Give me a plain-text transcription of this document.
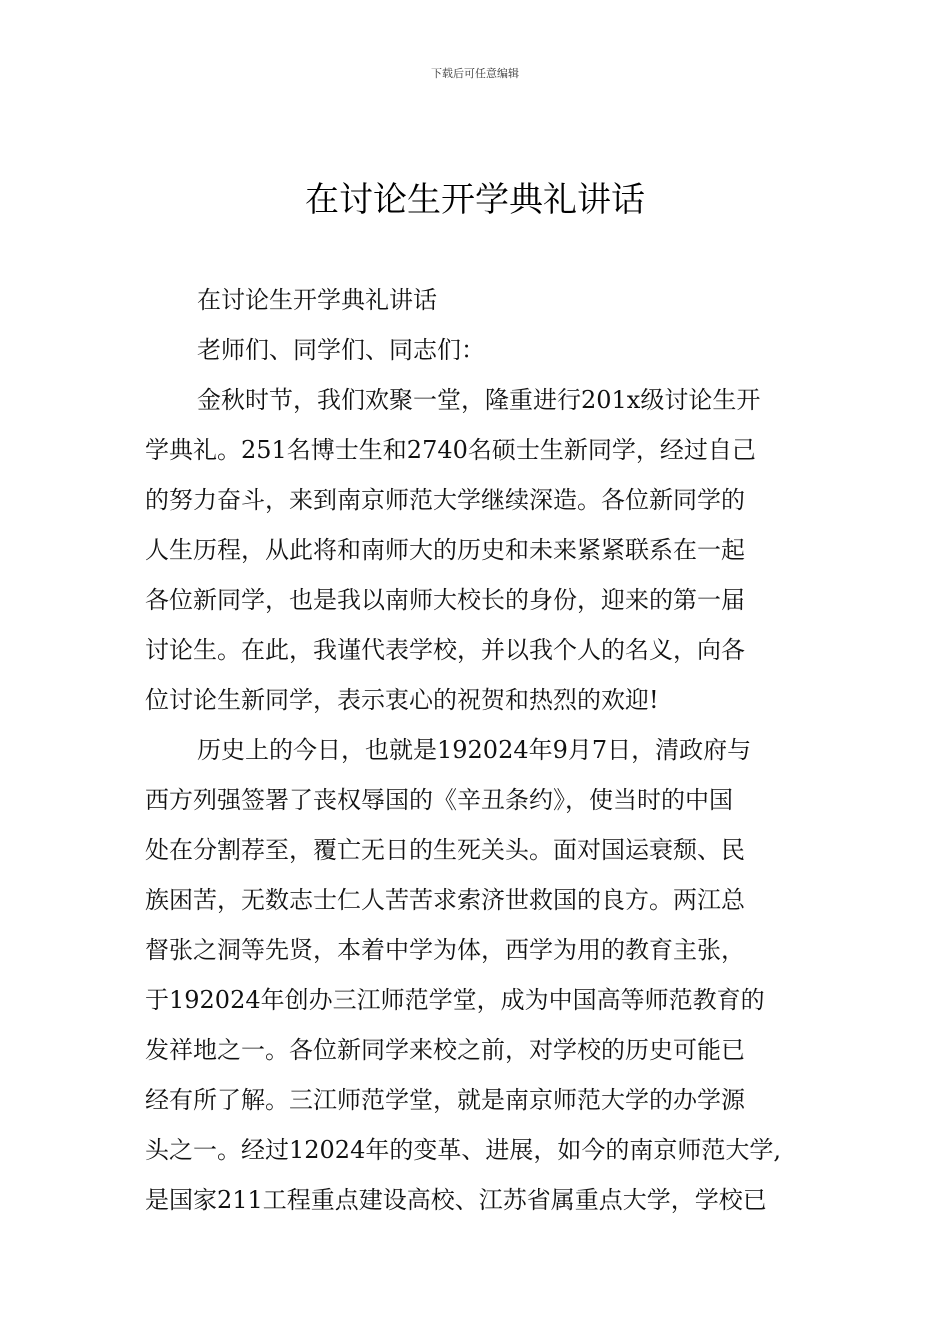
下载后可任意编辑
在讨论生开学典礼讲话
在讨论生开学典礼讲话
老师们、同学们、同志们：
金秋时节，我们欢聚一堂，隆重进行201x级讨论生开
学典礼。251名博士生和2740名硕士生新同学，经过自己
的努力奋斗，来到南京师范大学继续深造。各位新同学的
人生历程，从此将和南师大的历史和未来紧紧联系在一起
各位新同学，也是我以南师大校长的身份，迎来的第一届
讨论生。在此，我谨代表学校，并以我个人的名义，向各
位讨论生新同学，表示衷心的祝贺和热烈的欢迎!
历史上的今日，也就是192024年9月7日，清政府与
西方列强签署了丧权辱国的《辛丑条约》，使当时的中国
处在分割荐至，覆亡无日的生死关头。面对国运衰颓、民
族困苦，无数志士仁人苦苦求索济世救国的良方。两江总
督张之洞等先贤，本着中学为体，西学为用的教育主张，
于192024年创办三江师范学堂，成为中国高等师范教育的
发祥地之一。各位新同学来校之前，对学校的历史可能已
经有所了解。三江师范学堂，就是南京师范大学的办学源
头之一。经过12024年的变革、进展，如今的南京师范大学,
是国家211工程重点建设高校、江苏省属重点大学，学校已
